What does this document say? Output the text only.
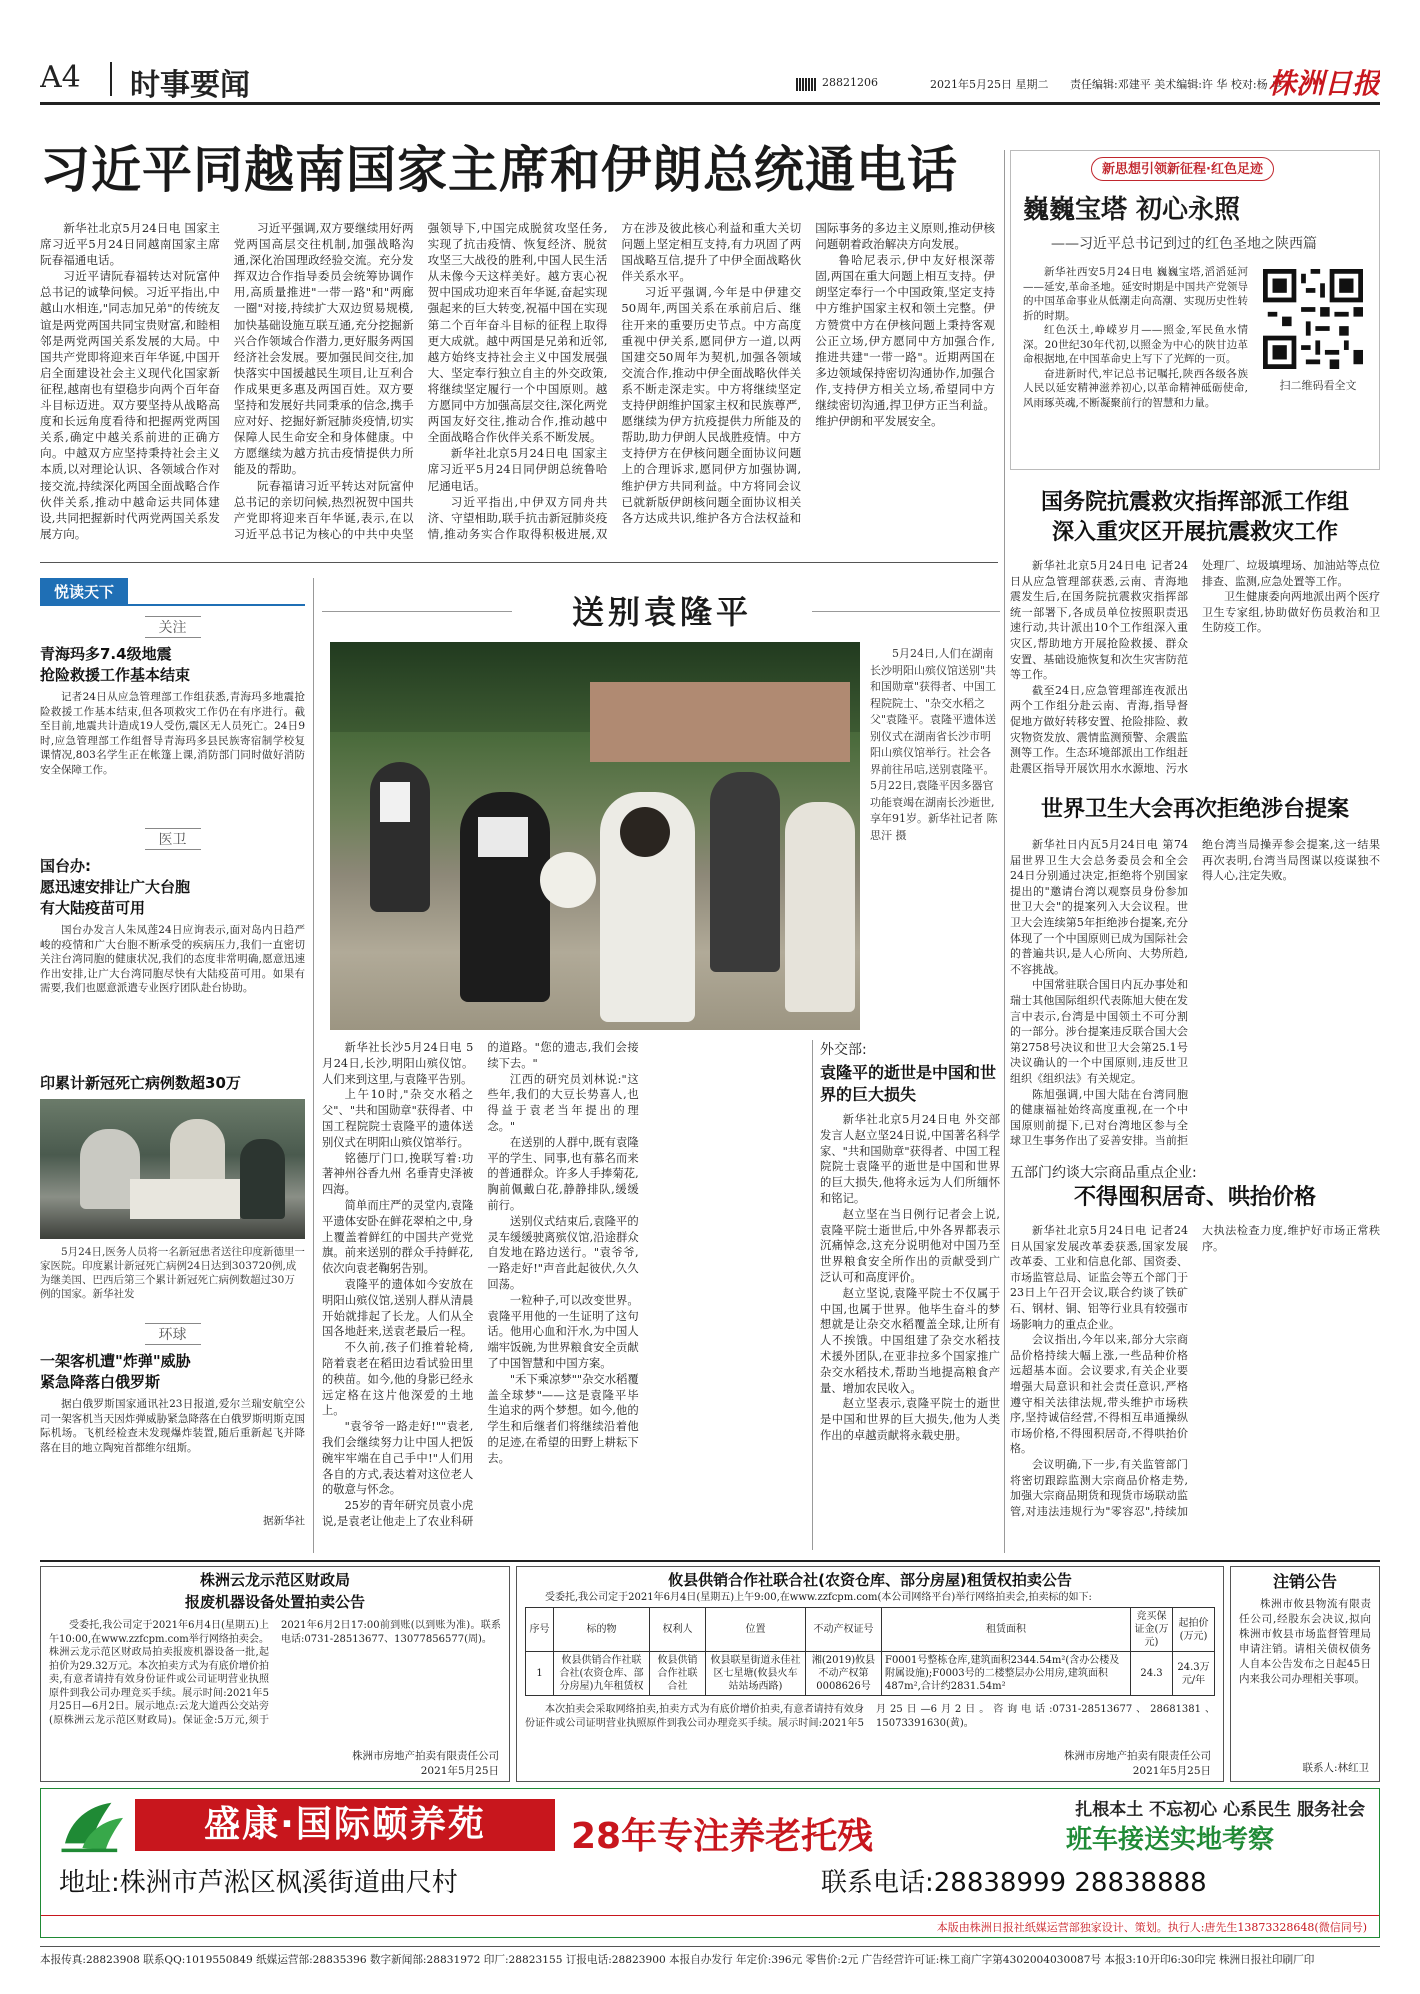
A4 时事要闻	28821206	2021年5月25日 星期二 责任编辑:邓建平 美术编辑:许 华 校对:杨 卓
株洲日报
习近平同越南国家主席和伊朗总统通电话

新华社北京5月24日电 国家主席习近平5月24日同越南国家主席阮春福通电话。

习近平请阮春福转达对阮富仲总书记的诚挚问候。习近平指出,中越山水相连,"同志加兄弟"的传统友谊是两党两国共同宝贵财富,和睦相邻是两党两国关系发展的大局。中国共产党即将迎来百年华诞,中国开启全面建设社会主义现代化国家新征程,越南也有望稳步向两个百年奋斗目标迈进。双方要坚持从战略高度和长远角度看待和把握两党两国关系,确定中越关系前进的正确方向。中越双方应坚持秉持社会主义本质,以对理论认识、各领域合作对接交流,持续深化两国全面战略合作伙伴关系,推动中越命运共同体建设,共同把握新时代两党两国关系发展方向。

习近平强调,双方要继续用好两党两国高层交往机制,加强战略沟通,深化治国理政经验交流。充分发挥双边合作指导委员会统筹协调作用,高质量推进"一带一路"和"两廊一圈"对接,持续扩大双边贸易规模,加快基础设施互联互通,充分挖掘新兴合作领域合作潜力,更好服务两国经济社会发展。要加强民间交往,加快落实中国援越民生项目,让互利合作成果更多惠及两国百姓。双方要坚持和发展好共同秉承的信念,携手应对好、挖掘好新冠肺炎疫情,切实保障人民生命安全和身体健康。中方愿继续为越方抗击疫情提供力所能及的帮助。

阮春福请习近平转达对阮富仲总书记的亲切问候,热烈祝贺中国共产党即将迎来百年华诞,表示,在以习近平总书记为核心的中共中央坚强领导下,中国完成脱贫攻坚任务,实现了抗击疫情、恢复经济、脱贫攻坚三大战役的胜利,中国人民生活从未像今天这样美好。越方衷心祝贺中国成功迎来百年华诞,奋起实现强起来的巨大转变,祝福中国在实现第二个百年奋斗目标的征程上取得更大成就。越中两国是兄弟和近邻,越方始终支持社会主义中国发展强大、坚定奉行独立自主的外交政策,将继续坚定履行一个中国原则。越方愿同中方加强高层交往,深化两党两国友好交往,推动合作,推动越中全面战略合作伙伴关系不断发展。

新华社北京5月24日电 国家主席习近平5月24日同伊朗总统鲁哈尼通电话。

习近平指出,中伊双方同舟共济、守望相助,联手抗击新冠肺炎疫情,推动务实合作取得积极进展,双方在涉及彼此核心利益和重大关切问题上坚定相互支持,有力巩固了两国战略互信,提升了中伊全面战略伙伴关系水平。

习近平强调,今年是中伊建交50周年,两国关系在承前启后、继往开来的重要历史节点。中方高度重视中伊关系,愿同伊方一道,以两国建交50周年为契机,加强各领域交流合作,推动中伊全面战略伙伴关系不断走深走实。中方将继续坚定支持伊朗维护国家主权和民族尊严,愿继续为伊方抗疫提供力所能及的帮助,助力伊朗人民战胜疫情。中方支持伊方在伊核问题全面协议问题上的合理诉求,愿同伊方加强协调,维护伊方共同利益。中方将同会议已就新版伊朗核问题全面协议相关各方达成共识,维护各方合法权益和国际事务的多边主义原则,推动伊核问题朝着政治解决方向发展。

鲁哈尼表示,伊中友好根深蒂固,两国在重大问题上相互支持。伊朗坚定奉行一个中国政策,坚定支持中方维护国家主权和领土完整。伊方赞赏中方在伊核问题上秉持客观公正立场,伊方愿同中方加强合作,推进共建"一带一路"。近期两国在多边领域保持密切沟通协作,加强合作,支持伊方相关立场,希望同中方继续密切沟通,捍卫伊方正当利益。维护伊朗和平发展安全。

新思想引领新征程·红色足迹
巍巍宝塔 初心永照
——习近平总书记到过的红色圣地之陕西篇

新华社西安5月24日电 巍巍宝塔,滔滔延河——延安,革命圣地。延安时期是中国共产党领导的中国革命事业从低潮走向高潮、实现历史性转折的时期。

红色沃土,峥嵘岁月——照金,军民鱼水情深。20世纪30年代初,以照金为中心的陕甘边革命根据地,在中国革命史上写下了光辉的一页。

奋进新时代,牢记总书记嘱托,陕西各级各族人民以延安精神滋养初心,以革命精神砥砺使命,风雨琢英魂,不断凝聚前行的智慧和力量。

扫二维码看全文
国务院抗震救灾指挥部派工作组
深入重灾区开展抗震救灾工作

新华社北京5月24日电 记者24日从应急管理部获悉,云南、青海地震发生后,在国务院抗震救灾指挥部统一部署下,各成员单位按照职责迅速行动,共计派出10个工作组深入重灾区,帮助地方开展抢险救援、群众安置、基础设施恢复和次生灾害防范等工作。

截至24日,应急管理部连夜派出两个工作组分赴云南、青海,指导督促地方做好转移安置、抢险排险、救灾物资发放、震情监测预警、余震监测等工作。生态环境部派出工作组赶赴震区指导开展饮用水水源地、污水处理厂、垃圾填埋场、加油站等点位排查、监测,应急处置等工作。

卫生健康委向两地派出两个医疗卫生专家组,协助做好伤员救治和卫生防疫工作。

世界卫生大会再次拒绝涉台提案

新华社日内瓦5月24日电 第74届世界卫生大会总务委员会和全会24日分别通过决定,拒绝将个别国家提出的"邀请台湾以观察员身份参加世卫大会"的提案列入大会议程。世卫大会连续第5年拒绝涉台提案,充分体现了一个中国原则已成为国际社会的普遍共识,是人心所向、大势所趋,不容挑战。

中国常驻联合国日内瓦办事处和瑞士其他国际组织代表陈旭大使在发言中表示,台湾是中国领土不可分割的一部分。涉台提案违反联合国大会第2758号决议和世卫大会第25.1号决议确认的一个中国原则,违反世卫组织《组织法》有关规定。

陈旭强调,中国大陆在台湾同胞的健康福祉始终高度重视,在一个中国原则前提下,已对台湾地区参与全球卫生事务作出了妥善安排。当前拒绝台湾当局操弄参会提案,这一结果再次表明,台湾当局图谋以疫谋独不得人心,注定失败。

五部门约谈大宗商品重点企业:
不得囤积居奇、哄抬价格

新华社北京5月24日电 记者24日从国家发展改革委获悉,国家发展改革委、工业和信息化部、国资委、市场监管总局、证监会等五个部门于23日上午召开会议,联合约谈了铁矿石、钢材、铜、铝等行业具有较强市场影响力的重点企业。

会议指出,今年以来,部分大宗商品价格持续大幅上涨,一些品种价格远超基本面。会议要求,有关企业要增强大局意识和社会责任意识,严格遵守相关法律法规,带头维护市场秩序,坚持诚信经营,不得相互串通操纵市场价格,不得囤积居奇,不得哄抬价格。

会议明确,下一步,有关监管部门将密切跟踪监测大宗商品价格走势,加强大宗商品期货和现货市场联动监管,对违法违规行为"零容忍",持续加大执法检查力度,维护好市场正常秩序。

悦读天下
关注
青海玛多7.4级地震
抢险救援工作基本结束
记者24日从应急管理部工作组获悉,青海玛多地震抢险救援工作基本结束,但各项救灾工作仍在有序进行。截至目前,地震共计造成19人受伤,震区无人员死亡。24日9时,应急管理部工作组督导青海玛多县民族寄宿制学校复课情况,803名学生正在帐篷上课,消防部门同时做好消防安全保障工作。
医卫
国台办:
愿迅速安排让广大台胞
有大陆疫苗可用
国台办发言人朱凤莲24日应询表示,面对岛内日趋严峻的疫情和广大台胞不断承受的疾病压力,我们一直密切关注台湾同胞的健康状况,我们的态度非常明确,愿意迅速作出安排,让广大台湾同胞尽快有大陆疫苗可用。如果有需要,我们也愿意派遣专业医疗团队赴台协助。
印累计新冠死亡病例数超30万
5月24日,医务人员将一名新冠患者送往印度新德里一家医院。印度累计新冠死亡病例24日达到303720例,成为继美国、巴西后第三个累计新冠死亡病例数超过30万例的国家。新华社发
环球
一架客机遭"炸弹"威胁
紧急降落白俄罗斯
据白俄罗斯国家通讯社23日报道,爱尔兰瑞安航空公司一架客机当天因炸弹威胁紧急降落在白俄罗斯明斯克国际机场。飞机经检查未发现爆炸装置,随后重新起飞并降落在目的地立陶宛首都维尔纽斯。
据新华社
送别袁隆平
5月24日,人们在湖南长沙明阳山殡仪馆送别"共和国勋章"获得者、中国工程院院士、"杂交水稻之父"袁隆平。袁隆平遗体送别仪式在湖南省长沙市明阳山殡仪馆举行。社会各界前往吊唁,送别袁隆平。5月22日,袁隆平因多器官功能衰竭在湖南长沙逝世,享年91岁。新华社记者 陈思汗 摄

新华社长沙5月24日电 5月24日,长沙,明阳山殡仪馆。人们来到这里,与袁隆平告别。

上午10时,"杂交水稻之父"、"共和国勋章"获得者、中国工程院院士袁隆平的遗体送别仪式在明阳山殡仪馆举行。

铭德厅门口,挽联写着:功著神州谷香九州 名垂青史泽被四海。

简单而庄严的灵堂内,袁隆平遗体安卧在鲜花翠柏之中,身上覆盖着鲜红的中国共产党党旗。前来送别的群众手持鲜花,依次向袁老鞠躬告别。

袁隆平的遗体如今安放在明阳山殡仪馆,送别人群从清晨开始就排起了长龙。人们从全国各地赶来,送袁老最后一程。

不久前,孩子们推着轮椅,陪着袁老在稻田边看试验田里的秧苗。如今,他的身影已经永远定格在这片他深爱的土地上。

"袁爷爷一路走好!""袁老,我们会继续努力让中国人把饭碗牢牢端在自己手中!"人们用各自的方式,表达着对这位老人的敬意与怀念。

25岁的青年研究员袁小虎说,是袁老让他走上了农业科研的道路。"您的遗志,我们会接续下去。"

江西的研究员刘林说:"这些年,我们的大豆长势喜人,也得益于袁老当年提出的理念。"

在送别的人群中,既有袁隆平的学生、同事,也有慕名而来的普通群众。许多人手捧菊花,胸前佩戴白花,静静排队,缓缓前行。

送别仪式结束后,袁隆平的灵车缓缓驶离殡仪馆,沿途群众自发地在路边送行。"袁爷爷,一路走好!"声音此起彼伏,久久回荡。

一粒种子,可以改变世界。袁隆平用他的一生证明了这句话。他用心血和汗水,为中国人端牢饭碗,为世界粮食安全贡献了中国智慧和中国方案。

"禾下乘凉梦""杂交水稻覆盖全球梦"——这是袁隆平毕生追求的两个梦想。如今,他的学生和后继者们将继续沿着他的足迹,在希望的田野上耕耘下去。

外交部:
袁隆平的逝世是中国和世界的巨大损失

新华社北京5月24日电 外交部发言人赵立坚24日说,中国著名科学家、"共和国勋章"获得者、中国工程院院士袁隆平的逝世是中国和世界的巨大损失,他将永远为人们所缅怀和铭记。

赵立坚在当日例行记者会上说,袁隆平院士逝世后,中外各界都表示沉痛悼念,这充分说明他对中国乃至世界粮食安全所作出的贡献受到广泛认可和高度评价。

赵立坚说,袁隆平院士不仅属于中国,也属于世界。他毕生奋斗的梦想就是让杂交水稻覆盖全球,让所有人不挨饿。中国组建了杂交水稻技术援外团队,在亚非拉多个国家推广杂交水稻技术,帮助当地提高粮食产量、增加农民收入。

赵立坚表示,袁隆平院士的逝世是中国和世界的巨大损失,他为人类作出的卓越贡献将永载史册。

株洲云龙示范区财政局
报废机器设备处置拍卖公告
受委托,我公司定于2021年6月4日(星期五)上午10:00,在www.zzfcpm.com举行网络拍卖会。株洲云龙示范区财政局拍卖报废机器设备一批,起拍价为29.32万元。本次拍卖方式为有底价增价拍卖,有意者请持有效身份证件或公司证明营业执照原件到我公司办理竞买手续。展示时间:2021年5月25日—6月2日。展示地点:云龙大道西公交站旁(原株洲云龙示范区财政局)。保证金:5万元,须于2021年6月2日17:00前到账(以到账为准)。联系电话:0731-28513677、13077856577(周)。
株洲市房地产拍卖有限责任公司
2021年5月25日
攸县供销合作社联合社(农资仓库、部分房屋)租赁权拍卖公告
受委托,我公司定于2021年6月4日(星期五)上午9:00,在www.zzfcpm.com(本公司网络平台)举行网络拍卖会,拍卖标的如下:
序号	标的物	权利人	位置	不动产权证号	租赁面积	竞买保证金(万元)	起拍价(万元)
1	攸县供销合作社联合社(农资仓库、部分房屋)九年租赁权	攸县供销合作社联合社	攸县联星街道永佳社区七星塘(攸县火车站站场西路)	湘(2019)攸县不动产权第0008626号	F0001号整栋仓库,建筑面积2344.54m²(含办公楼及附属设施);F0003号的二楼整层办公用房,建筑面积487m²,合计约2831.54m²	24.3	24.3万元/年
本次拍卖会采取网络拍卖,拍卖方式为有底价增价拍卖,有意者请持有效身份证件或公司证明营业执照原件到我公司办理竞买手续。展示时间:2021年5月25日—6月2日。咨询电话:0731-28513677、28681381、15073391630(黄)。
株洲市房地产拍卖有限责任公司
2021年5月25日
注销公告
株洲市攸县物流有限责任公司,经股东会决议,拟向株洲市攸县市场监督管理局申请注销。请相关债权债务人自本公告发布之日起45日内来我公司办理相关事项。
联系人:林红卫
盛康·国际颐养苑	扎根本土 不忘初心 心系民生 服务社会
28年专注养老托残	班车接送实地考察
地址:株洲市芦淞区枫溪街道曲尺村	联系电话:28838999 28838888
本版由株洲日报社纸媒运营部独家设计、策划。执行人:唐先生13873328648(微信同号)
本报传真:28823908 联系QQ:1019550849 纸媒运营部:28835396 数字新闻部:28831972 印厂:28823155 订报电话:28823900 本报自办发行 年定价:396元 零售价:2元 广告经营许可证:株工商广字第4302004030087号 本报3:10开印6:30印完 株洲日报社印刷厂印
